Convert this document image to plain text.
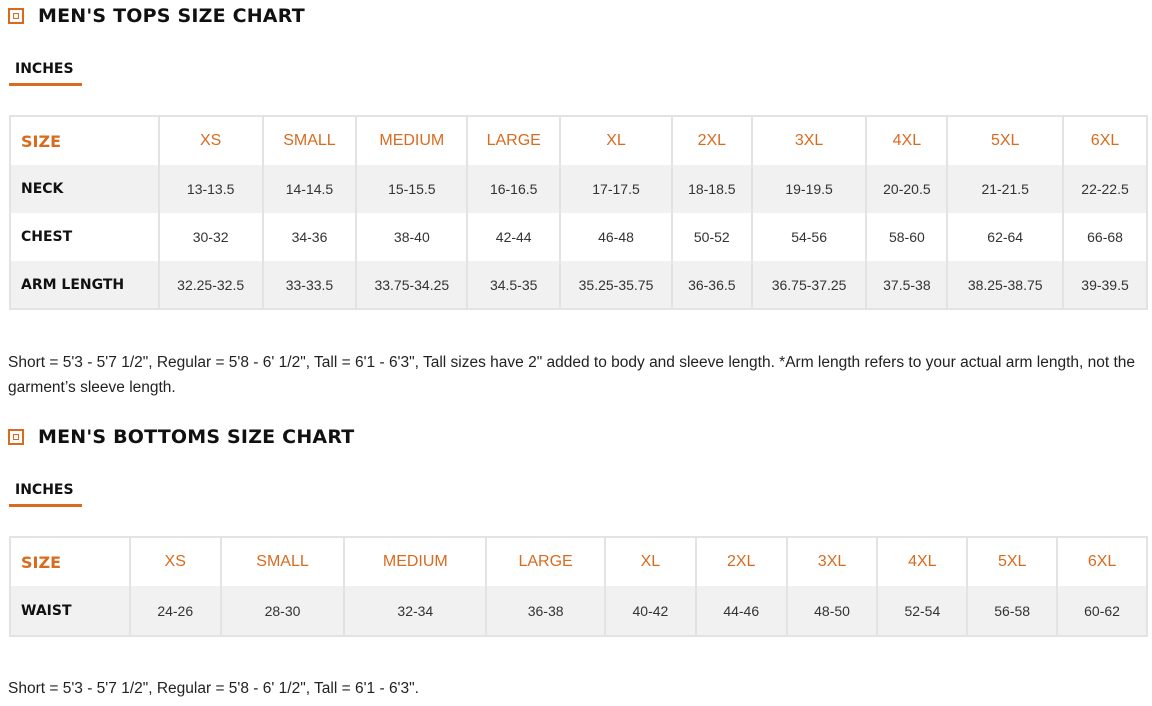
MEN'S TOPS SIZE CHART
INCHES
SIZE	XS	SMALL	MEDIUM	LARGE	XL	2XL	3XL	4XL	5XL	6XL
NECK	13-13.5	14-14.5	15-15.5	16-16.5	17-17.5	18-18.5	19-19.5	20-20.5	21-21.5	22-22.5
CHEST	30-32	34-36	38-40	42-44	46-48	50-52	54-56	58-60	62-64	66-68
ARM LENGTH	32.25-32.5	33-33.5	33.75-34.25	34.5-35	35.25-35.75	36-36.5	36.75-37.25	37.5-38	38.25-38.75	39-39.5
Short = 5'3 - 5'7 1/2", Regular = 5'8 - 6' 1/2", Tall = 6'1 - 6'3", Tall sizes have 2" added to body and sleeve length. *Arm length refers to your actual arm length, not the garment’s sleeve length.
MEN'S BOTTOMS SIZE CHART
INCHES
SIZE	XS	SMALL	MEDIUM	LARGE	XL	2XL	3XL	4XL	5XL	6XL
WAIST	24-26	28-30	32-34	36-38	40-42	44-46	48-50	52-54	56-58	60-62
Short = 5'3 - 5'7 1/2", Regular = 5'8 - 6' 1/2", Tall = 6'1 - 6'3".
